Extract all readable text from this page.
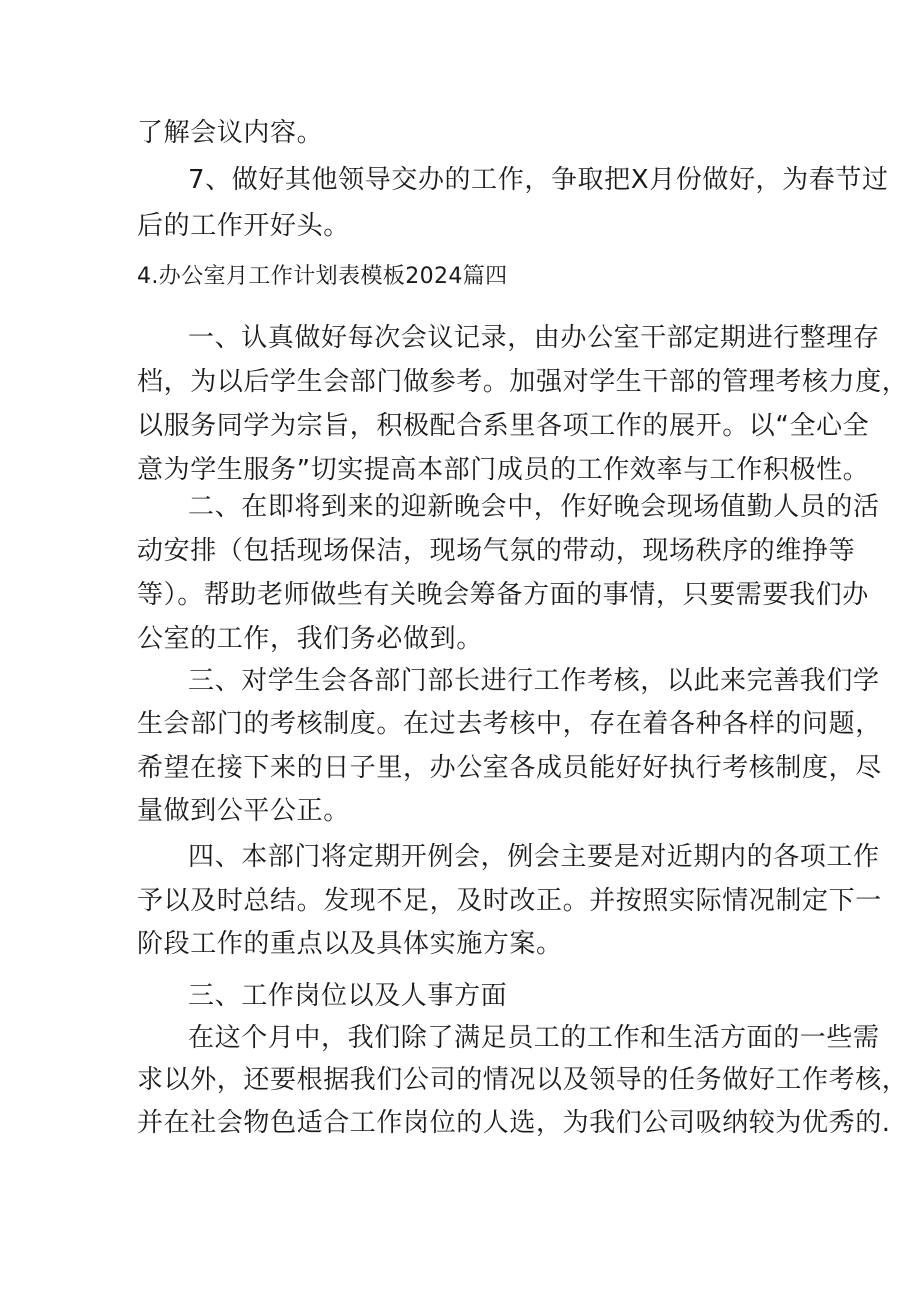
了解会议内容。
7、做好其他领导交办的工作，争取把X月份做好，为春节过
后的工作开好头。
4.办公室月工作计划表模板2024篇四
一、认真做好每次会议记录，由办公室干部定期进行整理存
档，为以后学生会部门做参考。加强对学生干部的管理考核力度，
以服务同学为宗旨，积极配合系里各项工作的展开。以“全心全
意为学生服务”切实提高本部门成员的工作效率与工作积极性。
二、在即将到来的迎新晚会中，作好晚会现场值勤人员的活
动安排（包括现场保洁，现场气氛的带动，现场秩序的维挣等
等）。帮助老师做些有关晚会筹备方面的事情，只要需要我们办
公室的工作，我们务必做到。
三、对学生会各部门部长进行工作考核，以此来完善我们学
生会部门的考核制度。在过去考核中，存在着各种各样的问题，
希望在接下来的日子里，办公室各成员能好好执行考核制度，尽
量做到公平公正。
四、本部门将定期开例会，例会主要是对近期内的各项工作
予以及时总结。发现不足，及时改正。并按照实际情况制定下一
阶段工作的重点以及具体实施方案。
三、工作岗位以及人事方面
在这个月中，我们除了满足员工的工作和生活方面的一些需
求以外，还要根据我们公司的情况以及领导的任务做好工作考核，
并在社会物色适合工作岗位的人选，为我们公司吸纳较为优秀的.
